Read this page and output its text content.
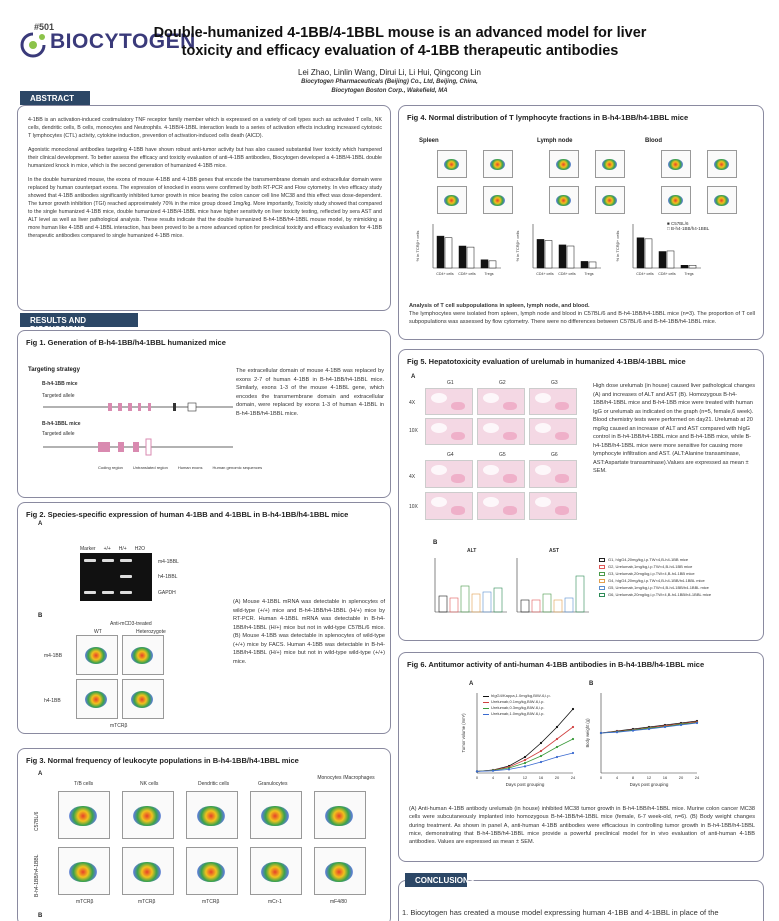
#501
BIOCYTOGEN
Double-humanized 4-1BB/4-1BBL mouse is an advanced model for liver toxicity and efficacy evaluation of 4-1BB therapeutic antibodies
Lei Zhao, Linlin Wang, Dirui Li, Li Hui, Qingcong Lin
Biocytogen Pharmaceuticals (Beijing) Co., Ltd, Beijing, China,
Biocytogen Boston Corp., Wakefield, MA

4-1BB is an activation-induced costimulatory TNF receptor family member which is expressed on a variety of cell types such as activated T cells, NK cells, dendritic cells, B cells, monocytes and Neutrophils. 4-1BB/4-1BBL interaction leads to a series of activation effects including increased cytotoxic T lymphocytes (CTL) activity, cytokine induction, prevention of activation-induced cells death (AICD).

Agonistic monoclonal antibodies targeting 4-1BB have shown robust anti-tumor activity but has also caused substantial liver toxicity which hampered their clinical development. To better assess the efficacy and toxicity evaluation of anti-4-1BB antibodies, Biocytogen developed a 4-1BB/4-1BBL double humanized knock in mice, which is the second generation of humanized 4-1BB mice.

In the double humanized mouse, the exons of mouse 4-1BB and 4-1BB genes that encode the transmembrane domain and extracellular domain were replaced by human counterpart exons. The expression of knocked in exons were confirmed by both RT-PCR and Flow cytometry. In vivo efficacy study showed that 4-1BB antibodies significantly inhibited tumor growth in mice bearing the colon cancer cell line MC38 and this effect was dose-dependent. The tumor growth inhibition (TGI) reached approximately 70% in the mice group dosed 1mg/kg. More importantly, Toxicity study showed that compared to the single humanized 4-1BB mice, double humanized 4-1BB/4-1BBL mice have higher sensitivity on liver toxicity testing, reflected by sera AST and ALT level as well as liver pathological analysis. These results indicate that the double humanized B-h4-1BB/h4-1BBL mouse model, by mimicking a more human like 4-1BB and 4-1BBL interaction, has been proved to be a more advanced option for preclinical toxicity and efficacy evaluation for 4-1BB therapeutic antibodies compared to single humanized 4-1BB mice.

ABSTRACT
RESULTS AND
Fig 1. Generation of B-h4-1BB/h4-1BBL humanized mice
Targeting strategy
B-h4-1BB mice
Targeted allele
B-h4-1BBL mice
Targeted allele
Coding region	Untranslated region	Human exons	Human genomic sequences
The extracellular domain of mouse 4-1BB was replaced by exons 2-7 of human 4-1BB in B-h4-1BB/h4-1BBL mice. Similarly, exons 1-3 of the mouse 4-1BBL gene, which encodes the transmembrane domain and extracellular domain, were replaced by exons 1-3 of human 4-1BBL in B-h4-1BB/h4-1BBL mice.
Fig 2. Species-specific expression of human 4-1BB and 4-1BBL in B-h4-1BB/h4-1BBL mice
A
Marker +/+ H/+ H2O
m4-1BBL
h4-1BBL
GAPDH
B
Anti-mCD3-treated
WT	Heterozygote
m4-1BB
h4-1BB
mTCRβ
(A) Mouse 4-1BBL mRNA was detectable in splenocytes of wild-type (+/+) mice and B-h4-1BB/h4-1BBL (H/+) mice by RT-PCR. Human 4-1BBL mRNA was detectable in B-h4-1BB/h4-1BBL (H/+) mice but not in wild-type C57BL/6 mice. (B) Mouse 4-1BB was detectable in splenocytes of wild-type (+/+) mice by FACS. Human 4-1BB was detectable in B-h4-1BB/h4-1BBL (H/+) mice but not in wild-type wild-type (+/+) mice.
Fig 3. Normal frequency of leukocyte populations in B-h4-1BB/h4-1BBL mice
A
T/B cells	NK cells	Dendritic cells	Granulocytes
Monocytes /Macrophages
C57BL/6
B-h4-1BB/h4-1BBL
mTCRβ	mTCRβ	mTCRβ	mCr-1	mF4/80
B
Fig 4. Normal distribution of T lymphocyte fractions in B-h4-1BB/h4-1BBL mice
Spleen	Lymph node	Blood
% in TCRβ+ cells
CD4+ cells CD8+ cells Tregs
% in TCRβ+ cells
CD4+ cells CD8+ cells Tregs
% in TCRβ+ cells
CD4+ cells CD8+ cells Tregs
■ C57BL/6
□ B-h4-1BB/h4-1BBL
Analysis of T cell subpopulations in spleen, lymph node, and blood.
The lymphocytes were isolated from spleen, lymph node and blood in C57BL/6 and B-h4-1BB/h4-1BBL mice (n=3). The proportion of T cell subpopulations was assessed by flow cytometry. There were no differences between C57BL/6 and B-h4-1BB/h4-1BBL mice.
Fig 5. Hepatotoxicity evaluation of urelumab in humanized 4-1BB/4-1BBL mice
A
G1	G2	G3
4X
10X
G4	G5	G6
4X
10X
High dose urelumab (in house) caused liver pathological changes (A) and increases of ALT and AST (B). Homozygous B-h4-1BB/h4-1BBL mice and B-h4-1BB mice were treated with human IgG or urelumab as indicated on the graph (n=5, female,6 week). Blood chemistry tests were performed on day21. Urelumab at 20 mg/kg caused an increase of ALT and AST compared with hIgG control in B-h4-1BB/h4-1BBL mice and B-h4-1BB mice, while B-h4-1BB/h4-1BBL mice were more sensitive for causing more lymphocyte infiltration and AST. (ALT:Alanine transaminase, AST:Aspartate transaminase).Values are expressed as mean ± SEM.
B
ALT	AST
G1, hIgG4,20mg/kg,i.p.TW×4,B-h4-1BB mice
G2, Urelumab,1mg/kg,i.p.TW×4,B-h4-1BB mice
G3, Urelumab,20mg/kg,i.p.TW×4,B-h4-1BB mice
G4, hIgG4,20mg/kg,i.p.TW×4,B-h4-1BB/h4-1BBL mice
G5, Urelumab,1mg/kg,i.p.TW×4,B-h4-1BB/h4-1BBL mice
G6, Urelumab,20mg/kg,i.p.TW×4,B-h4-1BB/h4-1BBL mice
Fig 6. Antitumor activity of anti-human 4-1BB antibodies in B-h4-1BB/h4-1BBL mice
A	B
0	4	8	12	16	20	24
Days post grouping
Tumor volume (mm³)
0	4	8	12	16	20	24
Days post grouping
Body weight (g)
hIgG4/Kappa,1.0mg/kg,BIW-6,i.p.
Urelumab,0.1mg/kg,BIW-6,i.p.
Urelumab,0.3mg/kg,BIW-6,i.p.
Urelumab,1.0mg/kg,BIW-6,i.p.
(A) Anti-human 4-1BB antibody urelumab (in house) inhibited MC38 tumor growth in B-h4-1BB/h4-1BBL mice. Murine colon cancer MC38 cells were subcutaneously implanted into homozygous B-h4-1BB/h4-1BBL mice (female, 6-7 week-old, n=6). (B) Body weight changes during treatment. As shown in panel A, anti-human 4-1BB antibodies were efficacious in controlling tumor growth in B-h4-1BB/h4-1BBL mice, demonstrating that B-h4-1BB/h4-1BBL mice provide a powerful preclinical model for in vivo evaluation of anti-human 4-1BB antibodies. Values are expressed as mean ± SEM.
CONCLUSIONS
1. Biocytogen has created a mouse model expressing human 4-1BB and 4-1BBL in place of the
